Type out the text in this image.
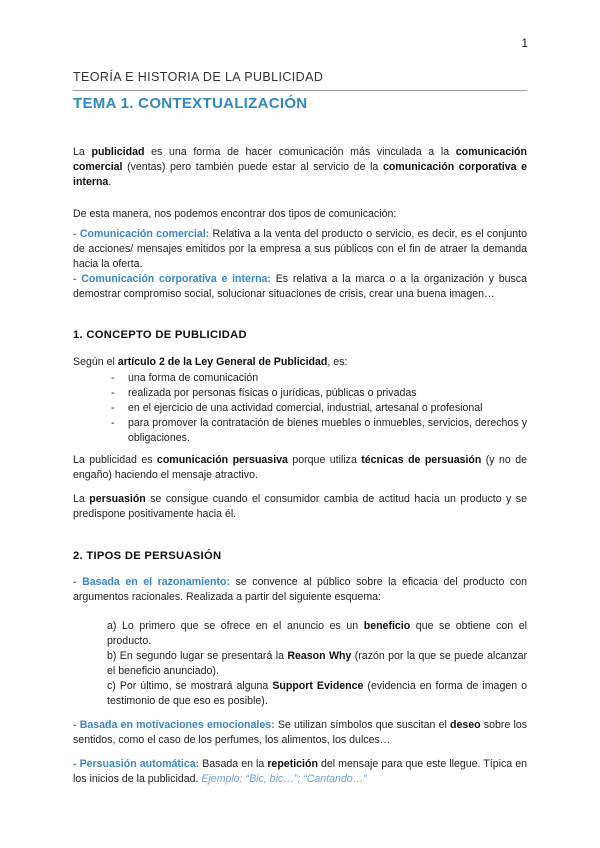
1
TEORÍA E HISTORIA DE LA PUBLICIDAD
TEMA 1. CONTEXTUALIZACIÓN

La publicidad es una forma de hacer comunicación más vinculada a la comunicación comercial (ventas) pero también puede estar al servicio de la comunicación corporativa e interna.

De esta manera, nos podemos encontrar dos tipos de comunicación:

- Comunicación comercial: Relativa a la venta del producto o servicio, es decir, es el conjunto de acciones/ mensajes emitidos por la empresa a sus públicos con el fin de atraer la demanda hacia la oferta.

- Comunicación corporativa e interna: Es relativa a la marca o a la organización y busca demostrar compromiso social, solucionar situaciones de crisis, crear una buena imagen…

1. CONCEPTO DE PUBLICIDAD

Según el artículo 2 de la Ley General de Publicidad, es:

- una forma de comunicación
- realizada por personas físicas o jurídicas, públicas o privadas
- en el ejercicio de una actividad comercial, industrial, artesanal o profesional
- para promover la contratación de bienes muebles o inmuebles, servicios, derechos y obligaciones.

La publicidad es comunicación persuasiva porque utiliza técnicas de persuasión (y no de engaño) haciendo el mensaje atractivo.

La persuasión se consigue cuando el consumidor cambia de actitud hacia un producto y se predispone positivamente hacia él.

2. TIPOS DE PERSUASIÓN

- Basada en el razonamiento: se convence al público sobre la eficacia del producto con argumentos racionales. Realizada a partir del siguiente esquema:

a) Lo primero que se ofrece en el anuncio es un beneficio que se obtiene con el producto.

b) En segundo lugar se presentará la Reason Why (razón por la que se puede alcanzar el beneficio anunciado).

c) Por último, se mostrará alguna Support Evidence (evidencia en forma de imagen o testimonio de que eso es posible).

- Basada en motivaciones emocionales: Se utilizan símbolos que suscitan el deseo sobre los sentidos, como el caso de los perfumes, los alimentos, los dulces…

- Persuasión automática: Basada en la repetición del mensaje para que este llegue. Típica en los inicios de la publicidad. Ejemplo: “Bic, bic…”; “Cantando…”
